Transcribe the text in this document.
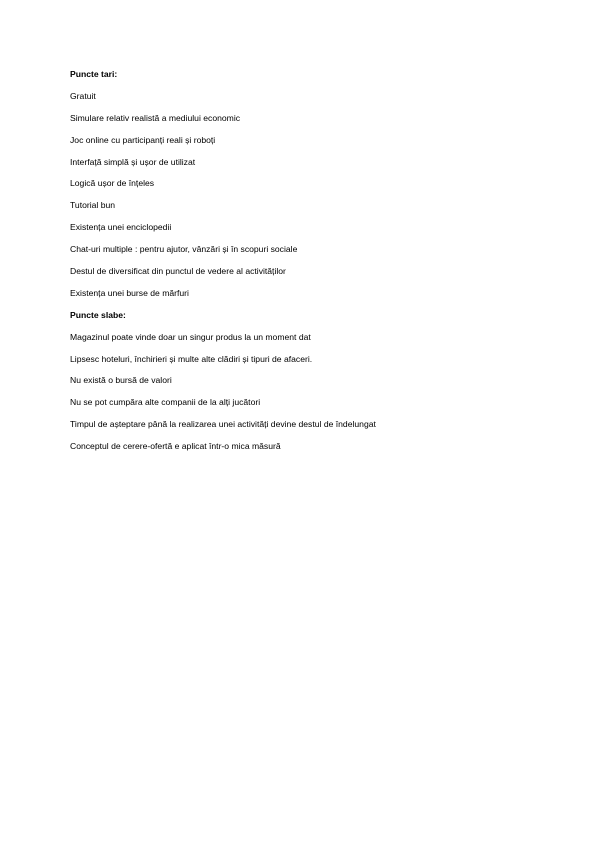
Puncte tari:
Gratuit
Simulare relativ realistă a mediului economic
Joc online cu participanți reali și roboți
Interfață simplă și ușor de utilizat
Logică ușor de înțeles
Tutorial bun
Existența unei enciclopedii
Chat-uri multiple : pentru ajutor, vânzări și în scopuri sociale
Destul de diversificat din punctul de vedere al activităților
Existența unei burse de mărfuri
Puncte slabe:
Magazinul poate vinde doar un singur produs la un moment dat
Lipsesc hoteluri, închirieri și multe alte clădiri și tipuri de afaceri.
Nu există o bursă de valori
Nu se pot cumpăra alte companii de la alți jucători
Timpul de așteptare până la realizarea unei activități devine destul de îndelungat
Conceptul de cerere-ofertă e aplicat într-o mica măsură
